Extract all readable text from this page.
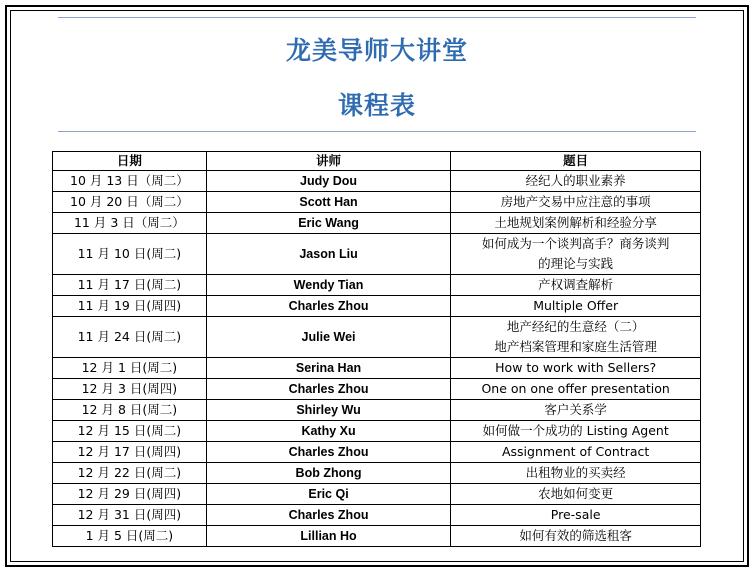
龙美导师大讲堂
课程表
日期	讲师	题目
10 月 13 日（周二）	Judy Dou	经纪人的职业素养

10 月 20 日（周二）	Scott Han	房地产交易中应注意的事项

11 月 3 日（周二）	Eric Wang	土地规划案例解析和经验分享

11 月 10 日(周二)	Jason Liu	如何成为一个谈判高手？商务谈判
的理论与实践

11 月 17 日(周二)	Wendy Tian	产权调查解析

11 月 19 日(周四)	Charles Zhou	Multiple Offer

11 月 24 日(周二)	Julie Wei	地产经纪的生意经（二）
地产档案管理和家庭生活管理

12 月 1 日(周二)	Serina Han	How to work with Sellers?

12 月 3 日(周四)	Charles Zhou	One on one offer presentation

12 月 8 日(周二)	Shirley Wu	客户关系学

12 月 15 日(周二)	Kathy Xu	如何做一个成功的 Listing Agent

12 月 17 日(周四)	Charles Zhou	Assignment of Contract

12 月 22 日(周二)	Bob Zhong	出租物业的买卖经

12 月 29 日(周四)	Eric Qi	农地如何变更

12 月 31 日(周四)	Charles Zhou	Pre-sale

1 月 5 日(周二)	Lillian Ho	如何有效的筛选租客
